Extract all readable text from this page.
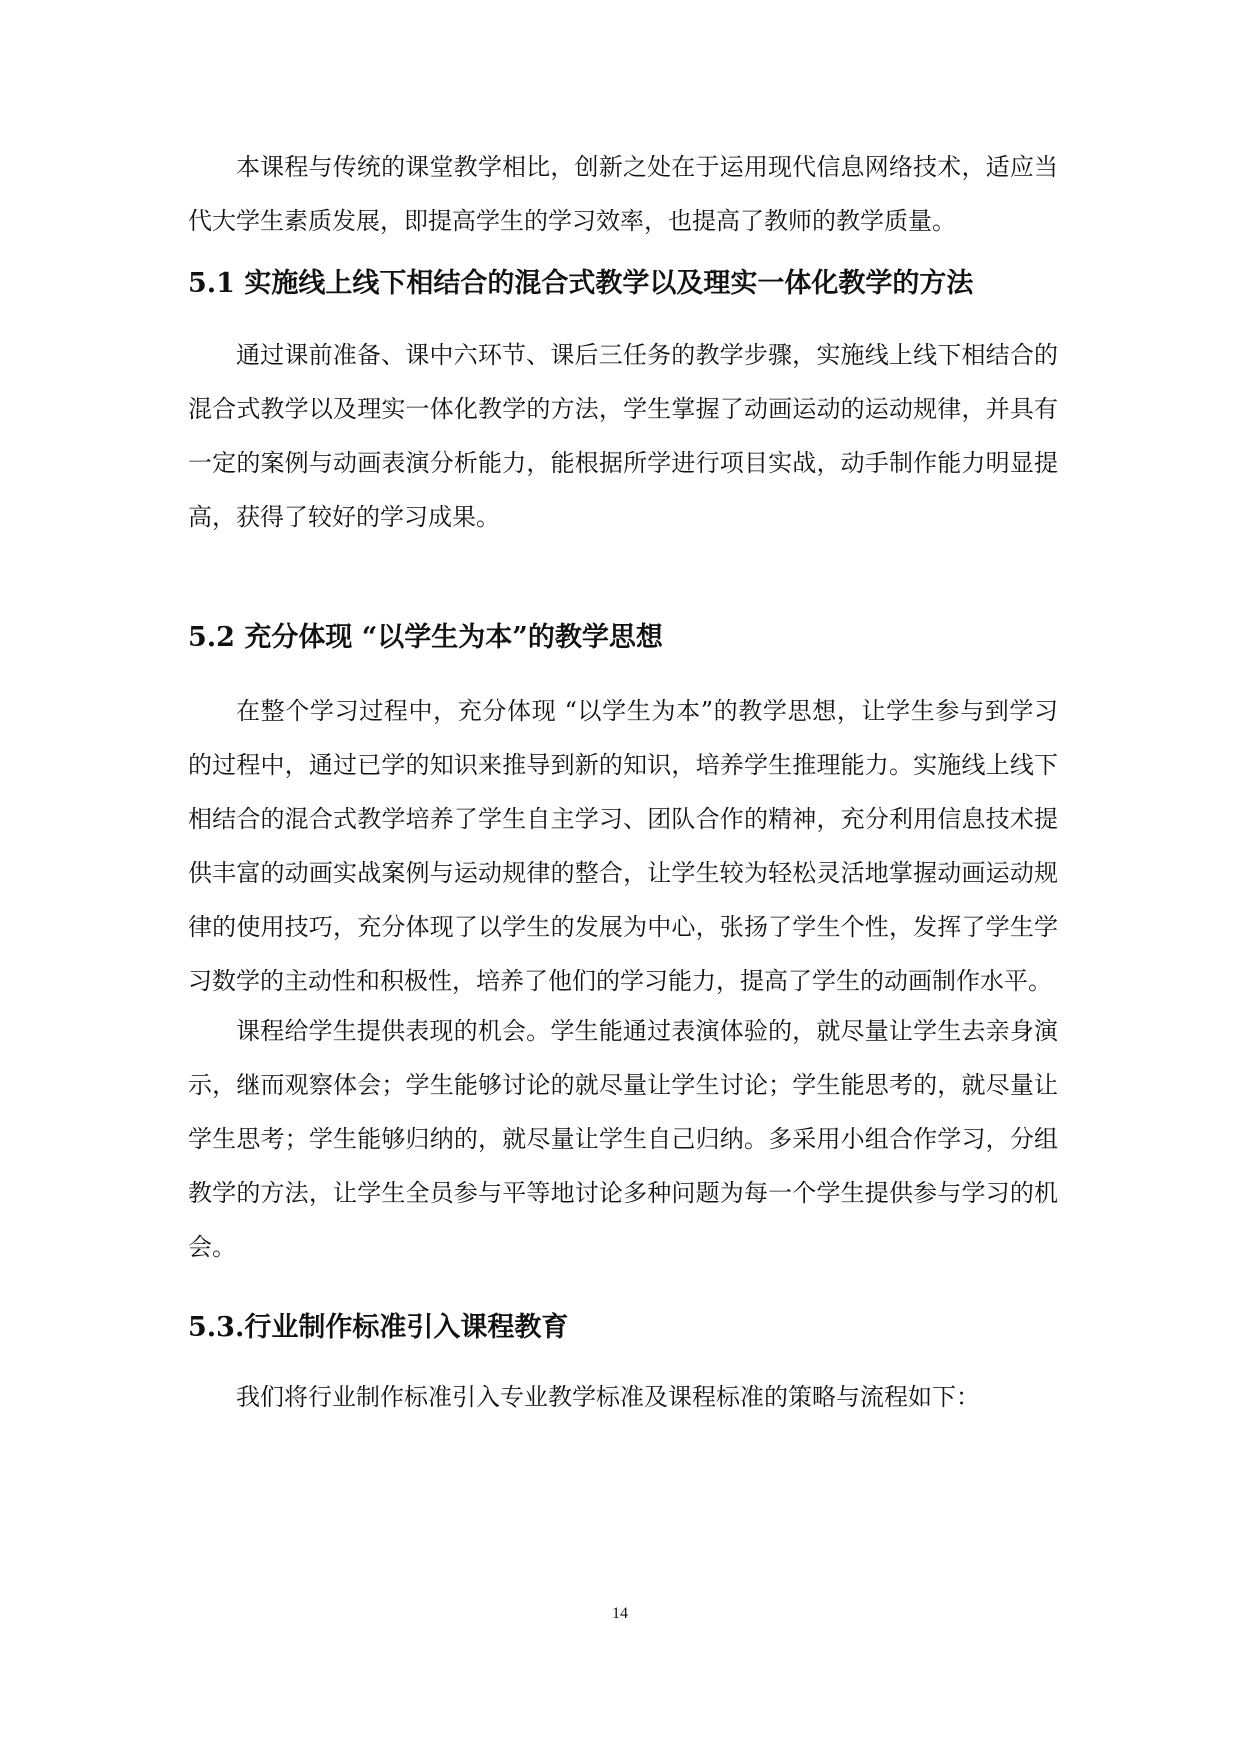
本课程与传统的课堂教学相比，创新之处在于运用现代信息网络技术，适应当代大学生素质发展，即提高学生的学习效率，也提高了教师的教学质量。

5.1 实施线上线下相结合的混合式教学以及理实一体化教学的方法

通过课前准备、课中六环节、课后三任务的教学步骤，实施线上线下相结合的混合式教学以及理实一体化教学的方法，学生掌握了动画运动的运动规律，并具有一定的案例与动画表演分析能力，能根据所学进行项目实战，动手制作能力明显提高，获得了较好的学习成果。

5.2 充分体现 “以学生为本”的教学思想

在整个学习过程中，充分体现 “以学生为本”的教学思想，让学生参与到学习的过程中，通过已学的知识来推导到新的知识，培养学生推理能力。实施线上线下相结合的混合式教学培养了学生自主学习、团队合作的精神，充分利用信息技术提供丰富的动画实战案例与运动规律的整合，让学生较为轻松灵活地掌握动画运动规律的使用技巧，充分体现了以学生的发展为中心，张扬了学生个性，发挥了学生学习数学的主动性和积极性，培养了他们的学习能力，提高了学生的动画制作水平。

课程给学生提供表现的机会。学生能通过表演体验的，就尽量让学生去亲身演示，继而观察体会；学生能够讨论的就尽量让学生讨论；学生能思考的，就尽量让学生思考；学生能够归纳的，就尽量让学生自己归纳。多采用小组合作学习，分组教学的方法，让学生全员参与平等地讨论多种问题为每一个学生提供参与学习的机会。

5.3.行业制作标准引入课程教育

我们将行业制作标准引入专业教学标准及课程标准的策略与流程如下：

14
